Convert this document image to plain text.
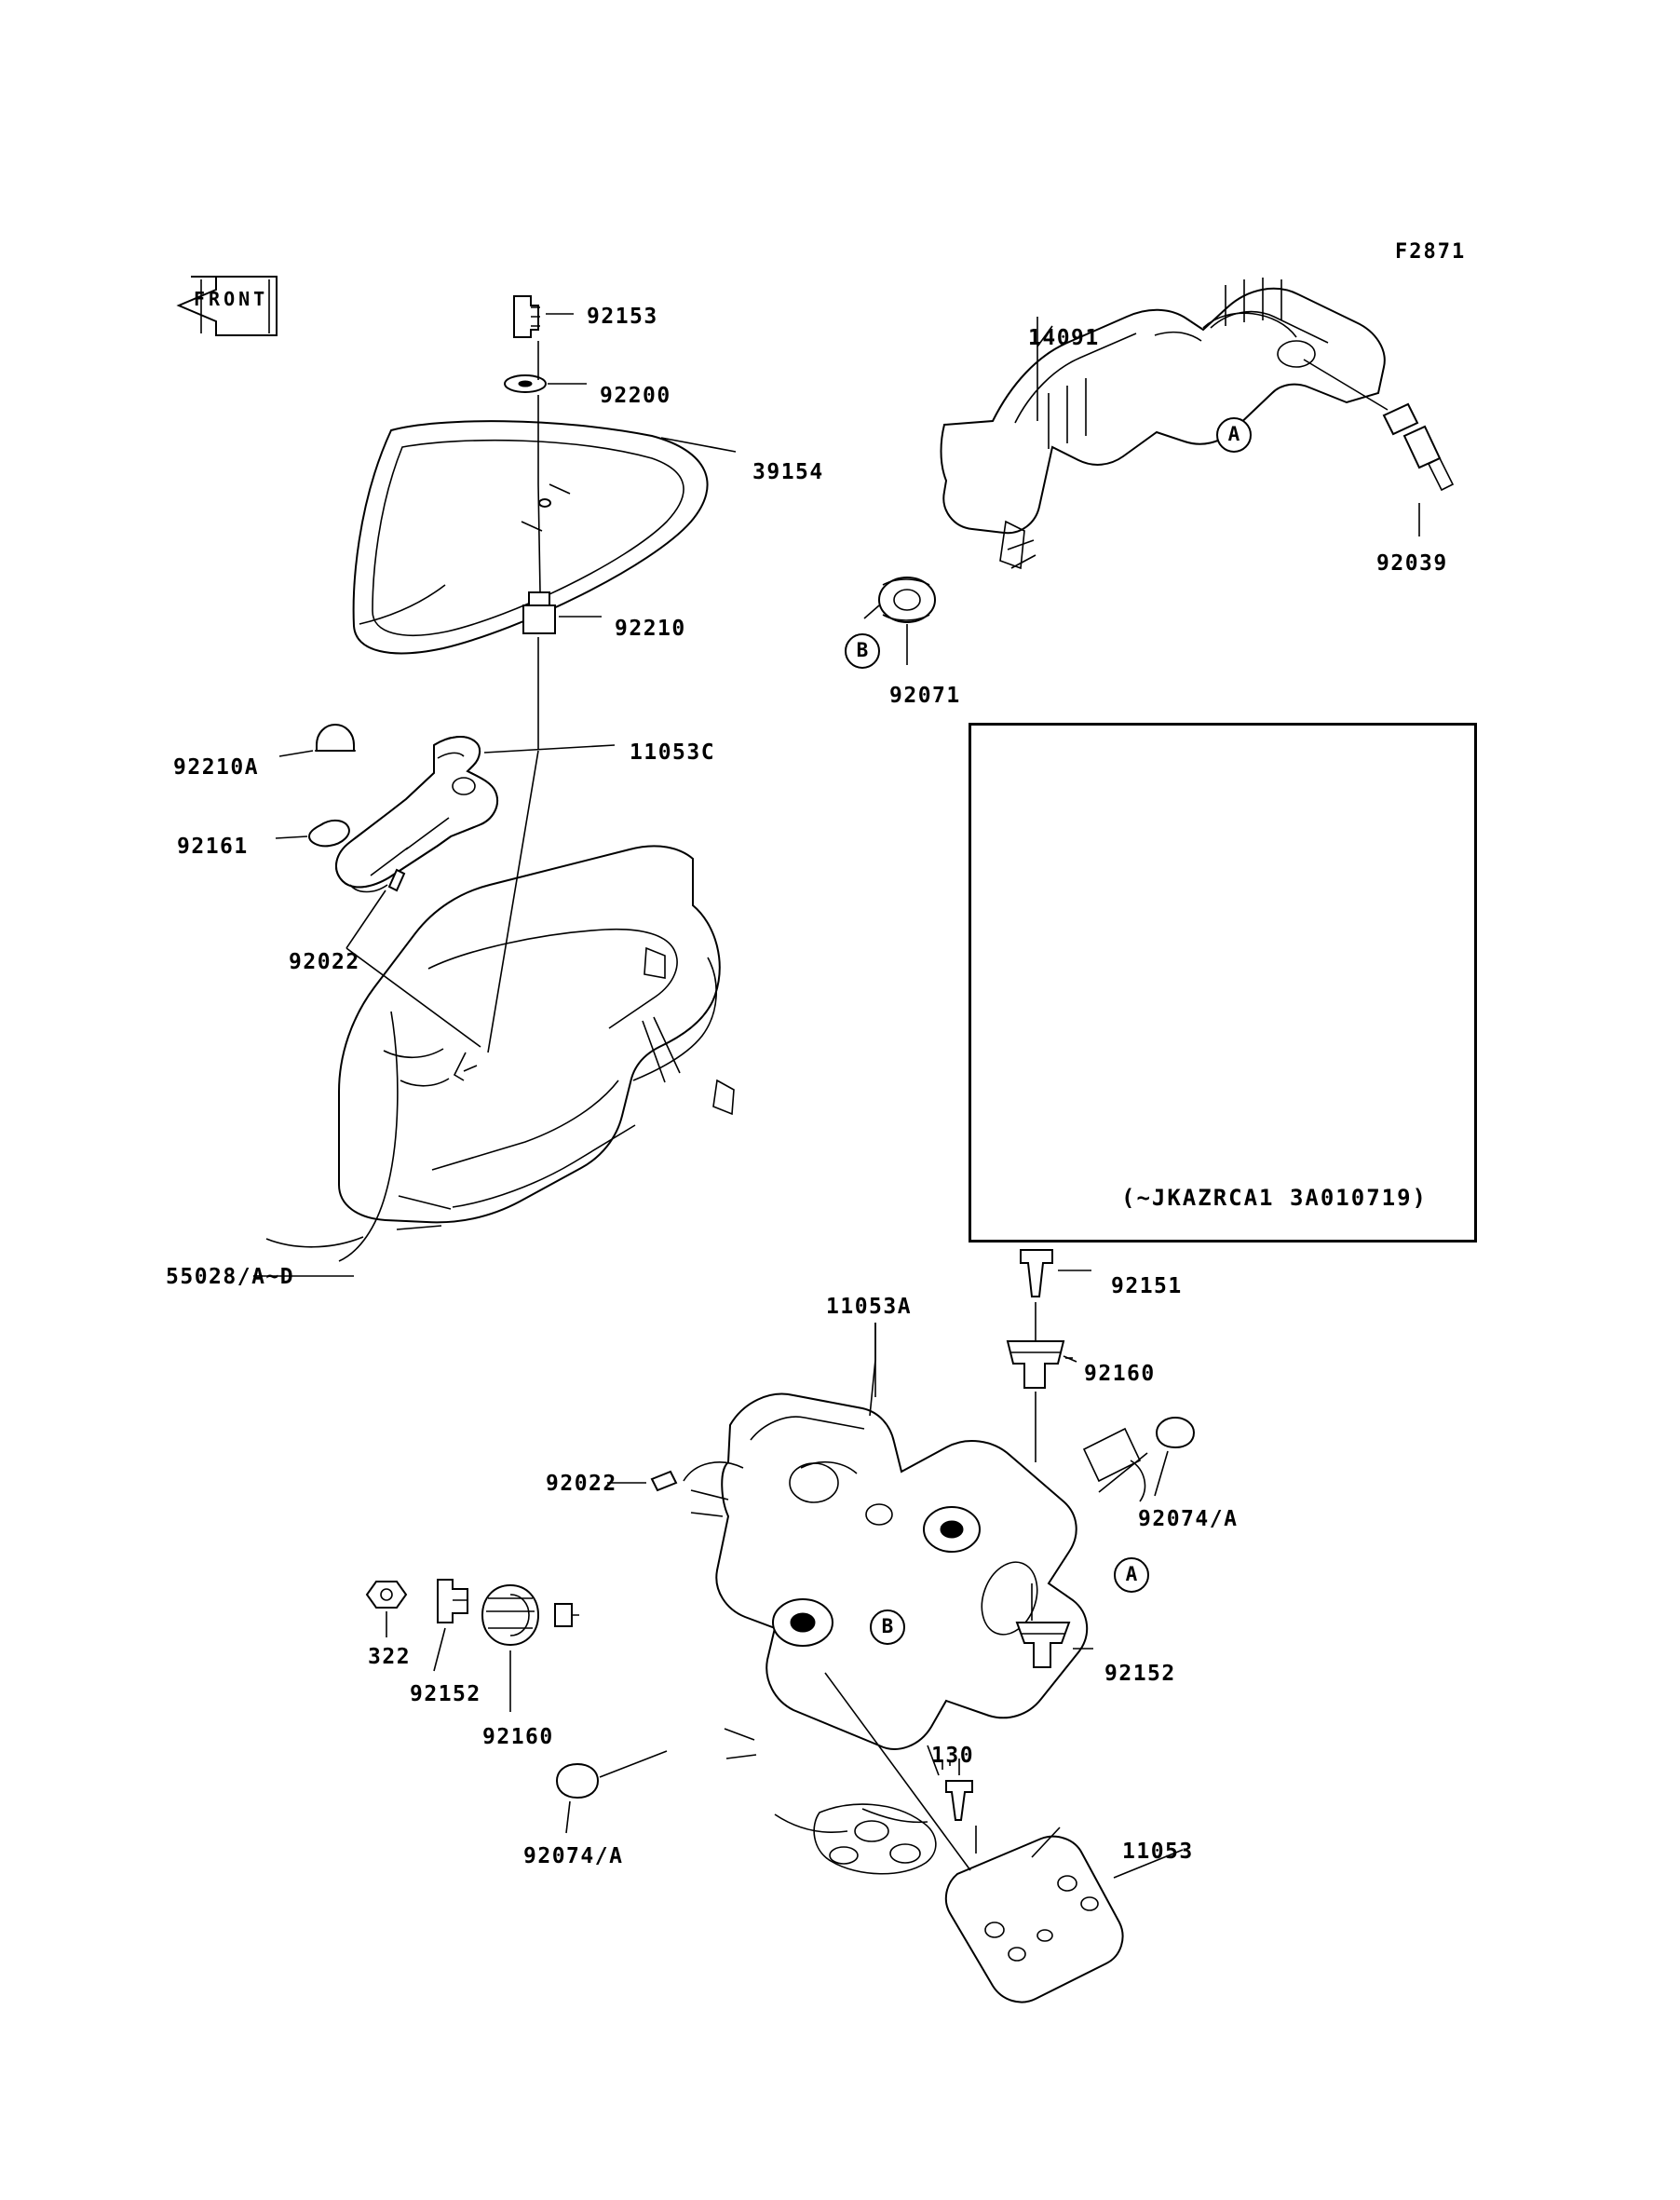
F2871
92153
92200
39154
92210
92210A
92161
11053C
92022
55028/A~D
92022
322
92152
92160
92074/A
11053A
92151
92160
92074/A
92152
130
11053
14091
92039
92071
A
B
A
B
FRONT
(~JKAZRCA1 3A010719)
